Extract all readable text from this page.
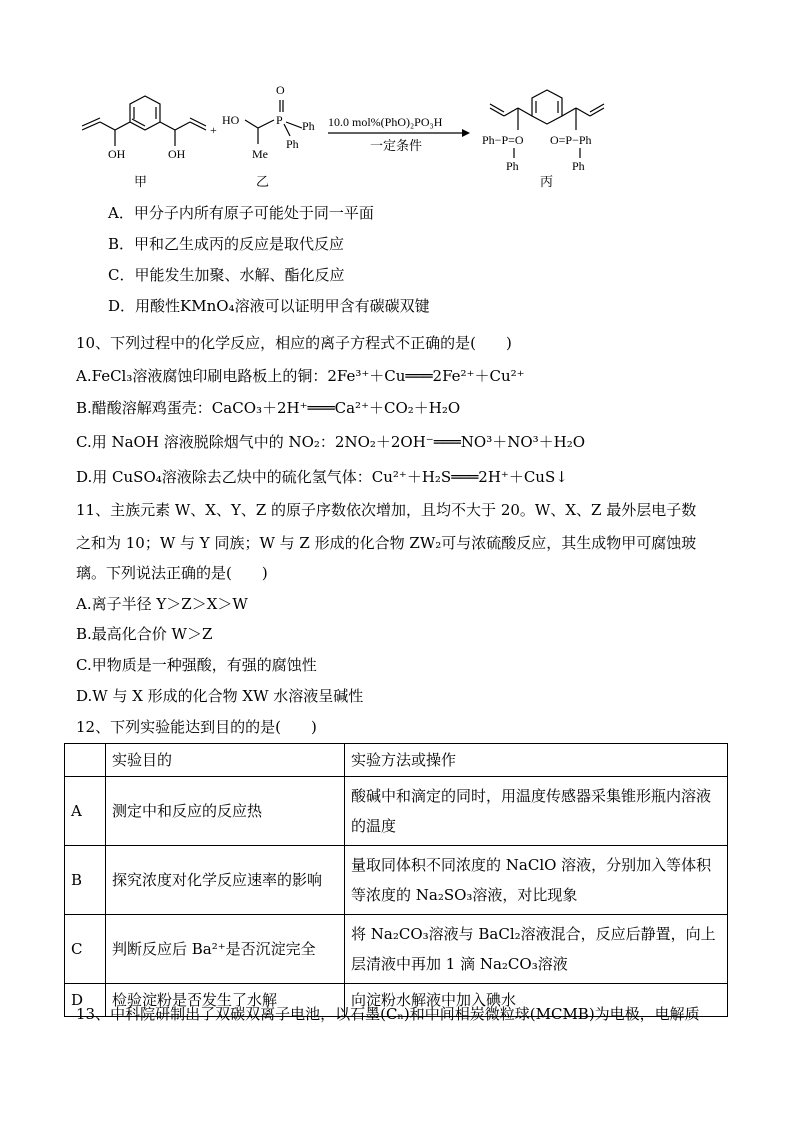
OH	OH
+
HO
O
P Ph
Ph
Me
10.0 mol%(PhO)₂PO₃H
一定条件	Ph−P=O O=P−Ph
Ph	Ph
甲	乙	丙
A．甲分子内所有原子可能处于同一平面
B．甲和乙生成丙的反应是取代反应
C．甲能发生加聚、水解、酯化反应
D．用酸性KMnO₄溶液可以证明甲含有碳碳双键
10、下列过程中的化学反应，相应的离子方程式不正确的是(　　)
A.FeCl₃溶液腐蚀印刷电路板上的铜：2Fe³⁺＋Cu═══2Fe²⁺＋Cu²⁺
B.醋酸溶解鸡蛋壳：CaCO₃＋2H⁺═══Ca²⁺＋CO₂＋H₂O
C.用 NaOH 溶液脱除烟气中的 NO₂：2NO₂＋2OH⁻═══NO³＋NO³＋H₂O
D.用 CuSO₄溶液除去乙炔中的硫化氢气体：Cu²⁺＋H₂S═══2H⁺＋CuS↓
11、主族元素 W、X、Y、Z 的原子序数依次增加，且均不大于 20。W、X、Z 最外层电子数
之和为 10；W 与 Y 同族；W 与 Z 形成的化合物 ZW₂可与浓硫酸反应，其生成物甲可腐蚀玻
璃。下列说法正确的是(　　)
A.离子半径 Y＞Z＞X＞W
B.最高化合价 W＞Z
C.甲物质是一种强酸，有强的腐蚀性
D.W 与 X 形成的化合物 XW 水溶液呈碱性
12、下列实验能达到目的的是(　　)
	实验目的	实验方法或操作
A	测定中和反应的反应热	酸碱中和滴定的同时，用温度传感器采集锥形瓶内溶液的温度
B	探究浓度对化学反应速率的影响	量取同体积不同浓度的 NaClO 溶液，分别加入等体积等浓度的 Na₂SO₃溶液，对比现象
C	判断反应后 Ba²⁺是否沉淀完全	将 Na₂CO₃溶液与 BaCl₂溶液混合，反应后静置，向上层清液中再加 1 滴 Na₂CO₃溶液
D	检验淀粉是否发生了水解	向淀粉水解液中加入碘水
13、中科院研制出了双碳双离子电池，以石墨(Cₙ)和中间相炭微粒球(MCMB)为电极，电解质
